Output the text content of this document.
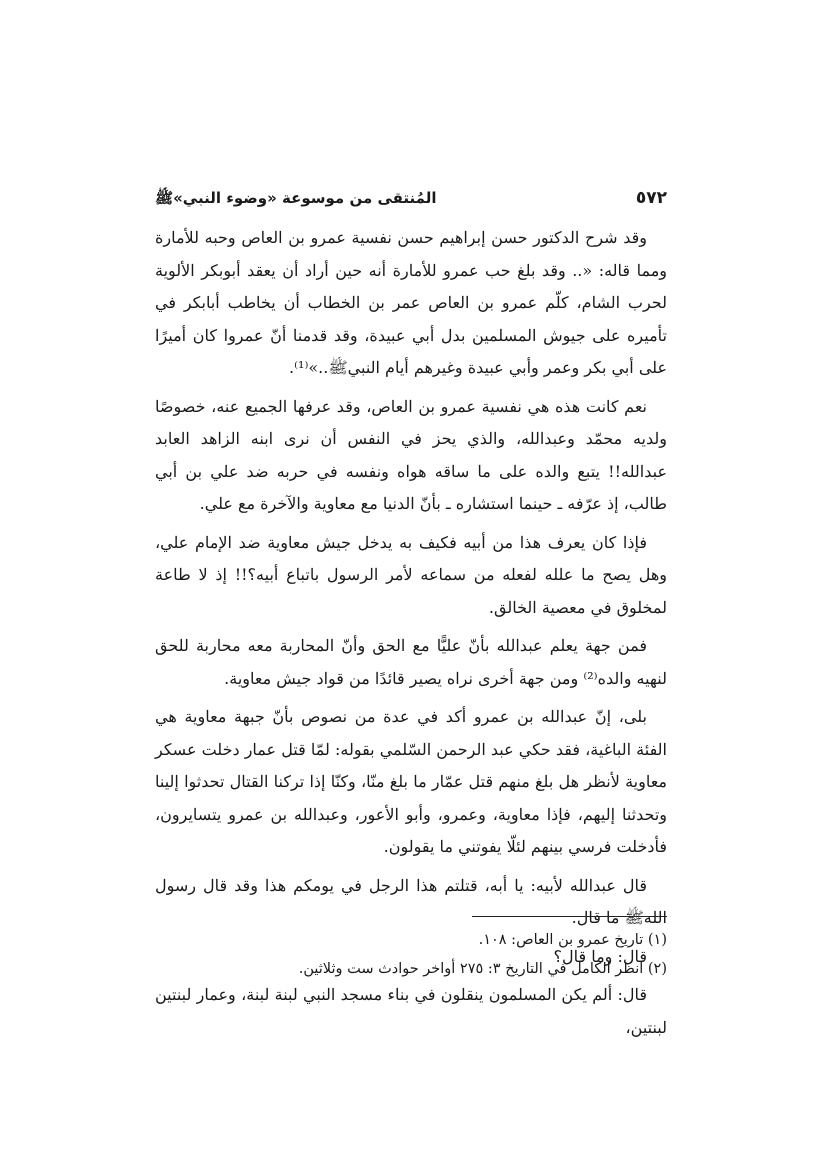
٥٧٢
المُنتقى من موسوعة «وضوء النبي»ﷺ

وقد شرح الدكتور حسن إبراهيم حسن نفسية عمرو بن العاص وحبه للأمارة ومما قاله: «.. وقد بلغ حب عمرو للأمارة أنه حين أراد أن يعقد أبوبكر الألوية لحرب الشام، كلّم عمرو بن العاص عمر بن الخطاب أن يخاطب أبابكر في تأميره على جيوش المسلمين بدل أبي عبيدة، وقد قدمنا أنّ عمروا كان أميرًا على أبي بكر وعمر وأبي عبيدة وغيرهم أيام النبيﷺ..»⁽¹⁾.

نعم كانت هذه هي نفسية عمرو بن العاص، وقد عرفها الجميع عنه، خصوصًا ولديه محمّد وعبدالله، والذي يحز في النفس أن نرى ابنه الزاهد العابد عبدالله!! يتبع والده على ما ساقه هواه ونفسه في حربه ضد علي بن أبي طالب، إذ عرّفه ـ حينما استشاره ـ بأنّ الدنيا مع معاوية والآخرة مع علي.

فإذا كان يعرف هذا من أبيه فكيف به يدخل جيش معاوية ضد الإمام علي، وهل يصح ما علله لفعله من سماعه لأمر الرسول باتباع أبيه؟!! إذ لا طاعة لمخلوق في معصية الخالق.

فمن جهة يعلم عبدالله بأنّ عليًّا مع الحق وأنّ المحاربة معه محاربة للحق لنهيه والده⁽²⁾ ومن جهة أخرى نراه يصير قائدًا من قواد جيش معاوية.

بلى، إنّ عبدالله بن عمرو أكد في عدة من نصوص بأنّ جبهة معاوية هي الفئة الباغية، فقد حكي عبد الرحمن السّلمي بقوله: لمّا قتل عمار دخلت عسكر معاوية لأنظر هل بلغ منهم قتل عمّار ما بلغ منّا، وكنّا إذا تركنا القتال تحدثوا إلينا وتحدثنا إليهم، فإذا معاوية، وعمرو، وأبو الأعور، وعبدالله بن عمرو يتسايرون، فأدخلت فرسي بينهم لئلّا يفوتني ما يقولون.

قال عبدالله لأبيه: يا أبه، قتلتم هذا الرجل في يومكم هذا وقد قال رسول اللهﷺ ما قال.

قال: وما قال؟

قال: ألم يكن المسلمون ينقلون في بناء مسجد النبي لبنة لبنة، وعمار لبنتين لبنتين،

(١) تاريخ عمرو بن العاص: ١٠٨.

(٢) انظر الكامل في التاريخ ٣: ٢٧٥ أواخر حوادث ست وثلاثين.
